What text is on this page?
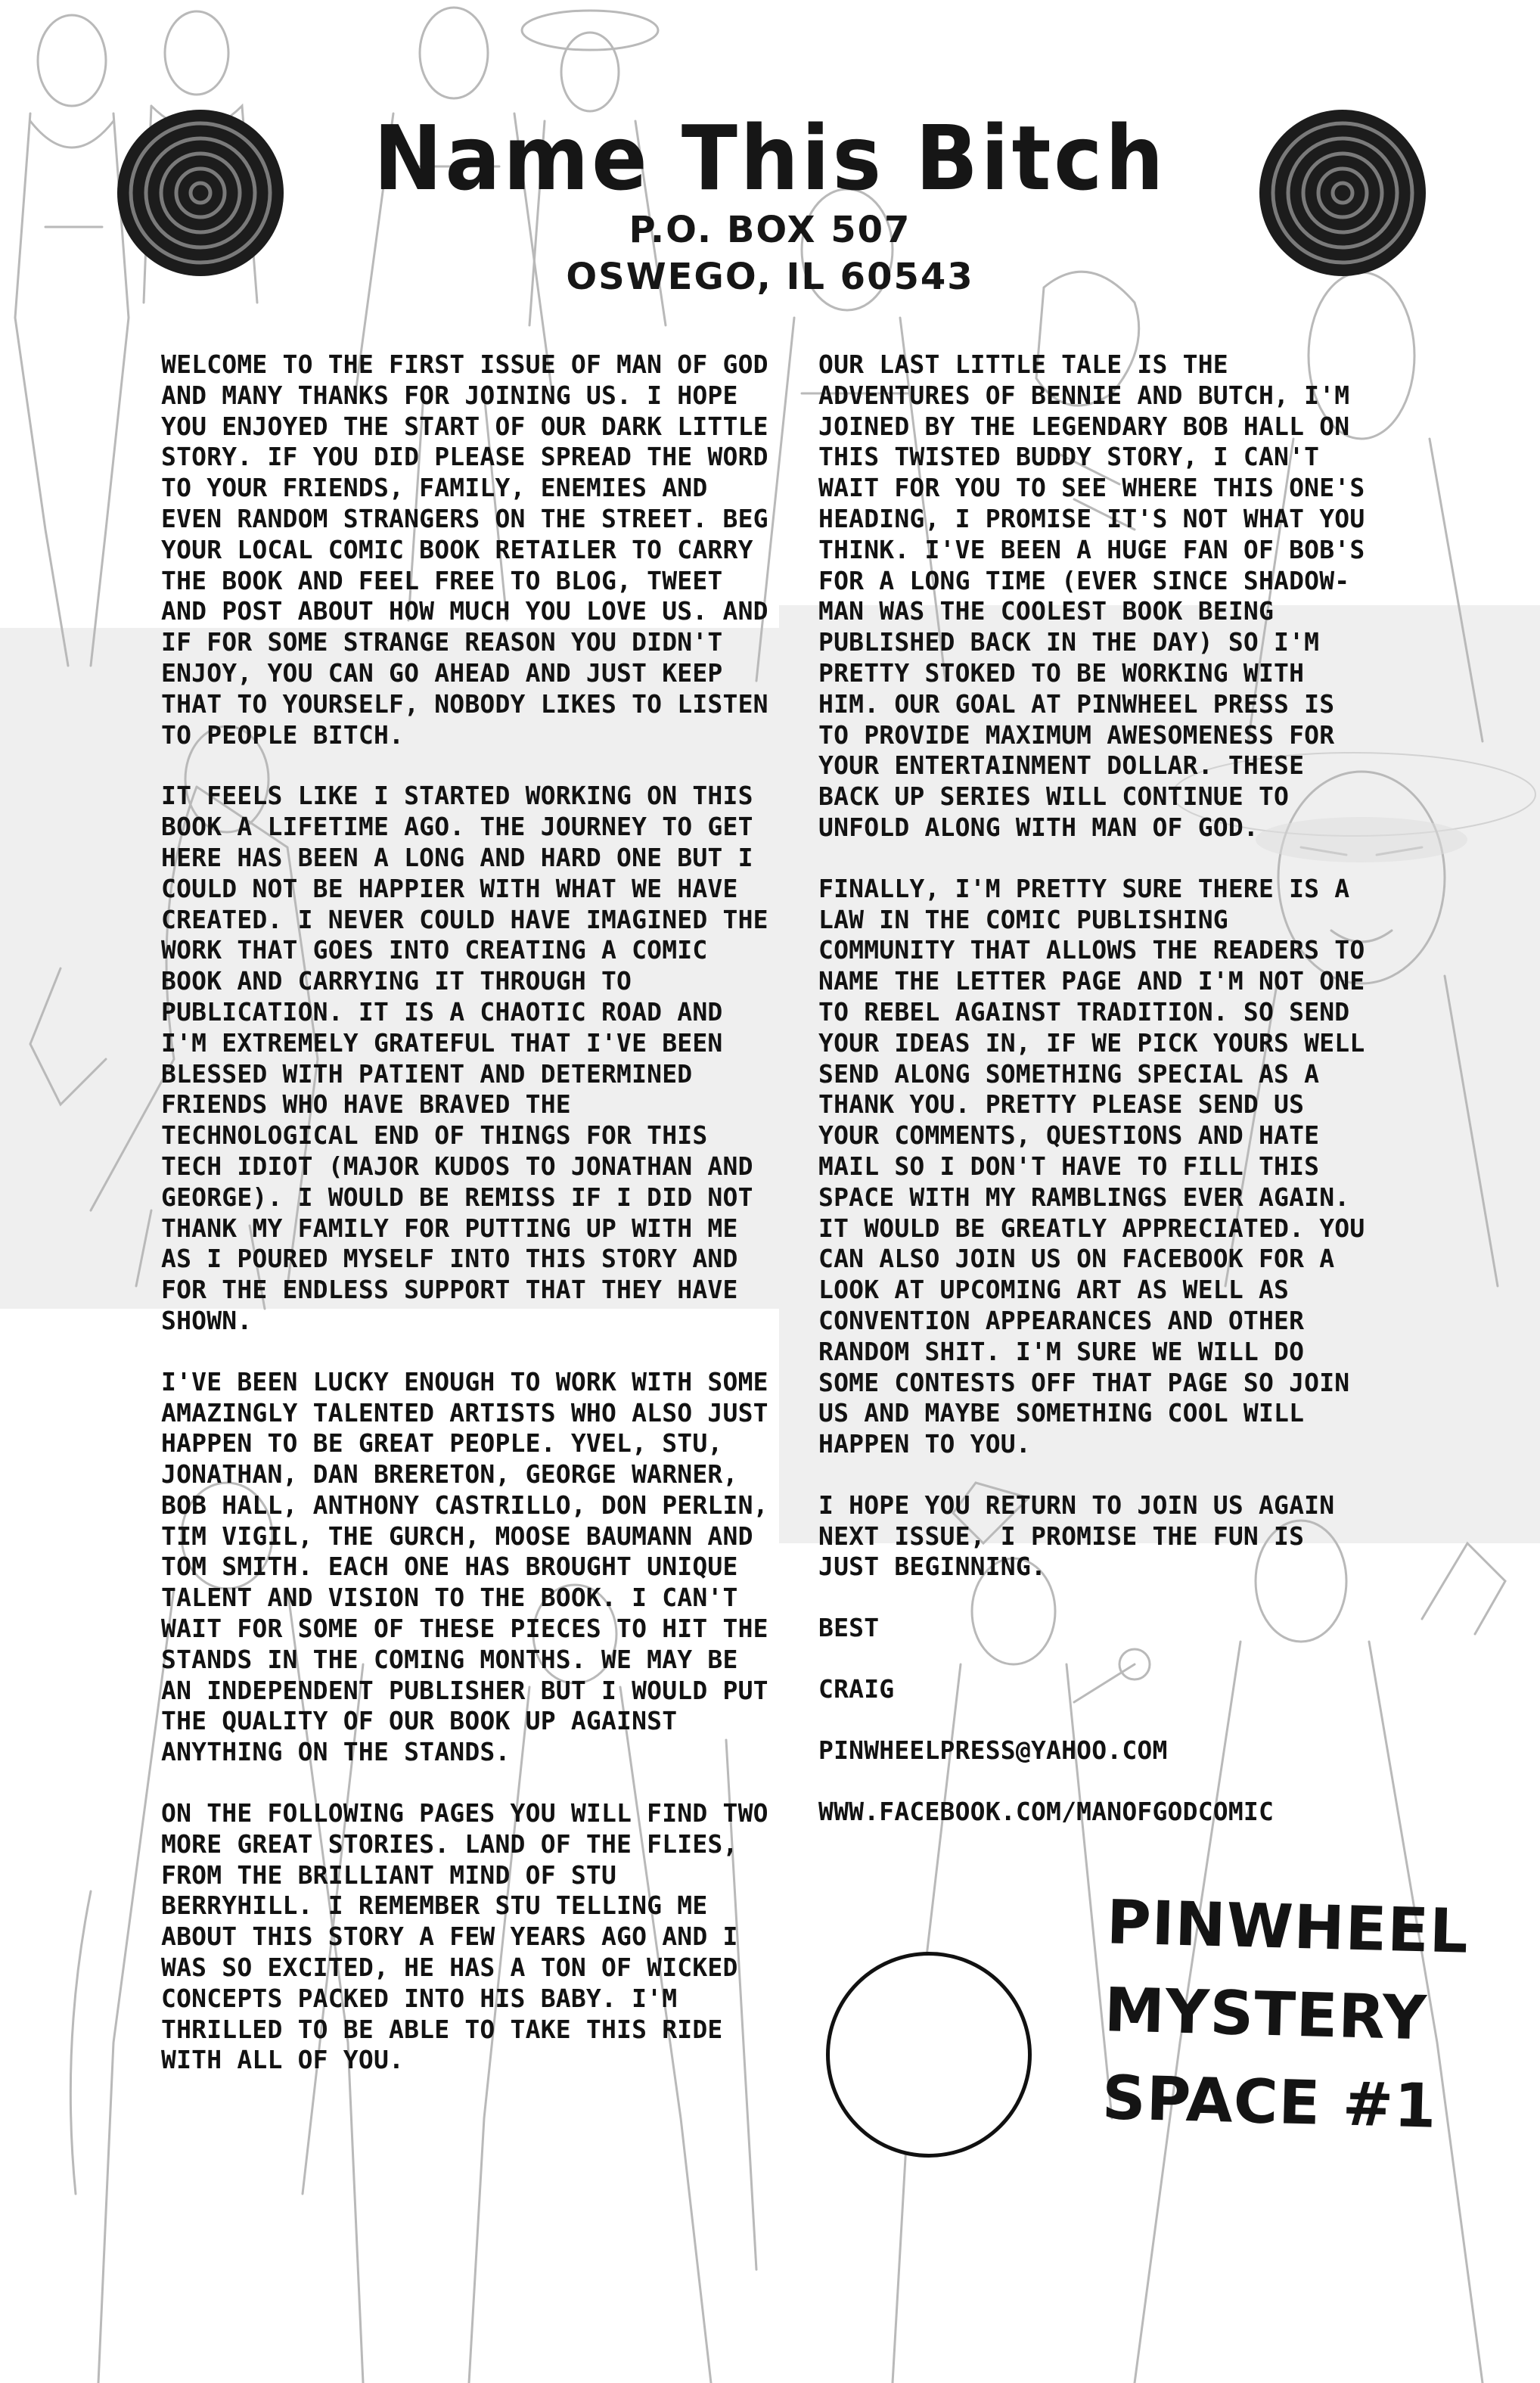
Name This Bitch
P.O. BOX 507
OSWEGO, IL 60543

WELCOME TO THE FIRST ISSUE OF MAN OF GOD AND MANY THANKS FOR JOINING US. I HOPE YOU ENJOYED THE START OF OUR DARK LITTLE STORY. IF YOU DID PLEASE SPREAD THE WORD TO YOUR FRIENDS, FAMILY, ENEMIES AND EVEN RANDOM STRANGERS ON THE STREET. BEG YOUR LOCAL COMIC BOOK RETAILER TO CARRY THE BOOK AND FEEL FREE TO BLOG, TWEET AND POST ABOUT HOW MUCH YOU LOVE US. AND IF FOR SOME STRANGE REASON YOU DIDN'T ENJOY, YOU CAN GO AHEAD AND JUST KEEP THAT TO YOURSELF, NOBODY LIKES TO LISTEN TO PEOPLE BITCH.

IT FEELS LIKE I STARTED WORKING ON THIS BOOK A LIFETIME AGO. THE JOURNEY TO GET HERE HAS BEEN A LONG AND HARD ONE BUT I COULD NOT BE HAPPIER WITH WHAT WE HAVE CREATED. I NEVER COULD HAVE IMAGINED THE WORK THAT GOES INTO CREATING A COMIC BOOK AND CARRYING IT THROUGH TO PUBLICATION. IT IS A CHAOTIC ROAD AND I'M EXTREMELY GRATEFUL THAT I'VE BEEN BLESSED WITH PATIENT AND DETERMINED FRIENDS WHO HAVE BRAVED THE TECHNOLOGICAL END OF THINGS FOR THIS TECH IDIOT (MAJOR KUDOS TO JONATHAN AND GEORGE). I WOULD BE REMISS IF I DID NOT THANK MY FAMILY FOR PUTTING UP WITH ME AS I POURED MYSELF INTO THIS STORY AND FOR THE ENDLESS SUPPORT THAT THEY HAVE SHOWN.

I'VE BEEN LUCKY ENOUGH TO WORK WITH SOME AMAZINGLY TALENTED ARTISTS WHO ALSO JUST HAPPEN TO BE GREAT PEOPLE. YVEL, STU, JONATHAN, DAN BRERETON, GEORGE WARNER, BOB HALL, ANTHONY CASTRILLO, DON PERLIN, TIM VIGIL, THE GURCH, MOOSE BAUMANN AND TOM SMITH. EACH ONE HAS BROUGHT UNIQUE TALENT AND VISION TO THE BOOK. I CAN'T WAIT FOR SOME OF THESE PIECES TO HIT THE STANDS IN THE COMING MONTHS. WE MAY BE AN INDEPENDENT PUBLISHER BUT I WOULD PUT THE QUALITY OF OUR BOOK UP AGAINST ANYTHING ON THE STANDS.

ON THE FOLLOWING PAGES YOU WILL FIND TWO MORE GREAT STORIES. LAND OF THE FLIES, FROM THE BRILLIANT MIND OF STU BERRYHILL. I REMEMBER STU TELLING ME ABOUT THIS STORY A FEW YEARS AGO AND I WAS SO EXCITED, HE HAS A TON OF WICKED CONCEPTS PACKED INTO HIS BABY. I'M THRILLED TO BE ABLE TO TAKE THIS RIDE WITH ALL OF YOU.

OUR LAST LITTLE TALE IS THE ADVENTURES OF BENNIE AND BUTCH, I'M JOINED BY THE LEGENDARY BOB HALL ON THIS TWISTED BUDDY STORY, I CAN'T WAIT FOR YOU TO SEE WHERE THIS ONE'S HEADING, I PROMISE IT'S NOT WHAT YOU THINK. I'VE BEEN A HUGE FAN OF BOB'S FOR A LONG TIME (EVER SINCE SHADOW-MAN WAS THE COOLEST BOOK BEING PUBLISHED BACK IN THE DAY) SO I'M PRETTY STOKED TO BE WORKING WITH HIM. OUR GOAL AT PINWHEEL PRESS IS TO PROVIDE MAXIMUM AWESOMENESS FOR YOUR ENTERTAINMENT DOLLAR. THESE BACK UP SERIES WILL CONTINUE TO UNFOLD ALONG WITH MAN OF GOD.

FINALLY, I'M PRETTY SURE THERE IS A LAW IN THE COMIC PUBLISHING COMMUNITY THAT ALLOWS THE READERS TO NAME THE LETTER PAGE AND I'M NOT ONE TO REBEL AGAINST TRADITION. SO SEND YOUR IDEAS IN, IF WE PICK YOURS WELL SEND ALONG SOMETHING SPECIAL AS A THANK YOU. PRETTY PLEASE SEND US YOUR COMMENTS, QUESTIONS AND HATE MAIL SO I DON'T HAVE TO FILL THIS SPACE WITH MY RAMBLINGS EVER AGAIN. IT WOULD BE GREATLY APPRECIATED. YOU CAN ALSO JOIN US ON FACEBOOK FOR A LOOK AT UPCOMING ART AS WELL AS CONVENTION APPEARANCES AND OTHER RANDOM SHIT. I'M SURE WE WILL DO SOME CONTESTS OFF THAT PAGE SO JOIN US AND MAYBE SOMETHING COOL WILL HAPPEN TO YOU.

I HOPE YOU RETURN TO JOIN US AGAIN NEXT ISSUE, I PROMISE THE FUN IS JUST BEGINNING.

BEST

CRAIG

PINWHEELPRESS@YAHOO.COM

WWW.FACEBOOK.COM/MANOFGODCOMIC

PINWHEEL
MYSTERY
SPACE #1
